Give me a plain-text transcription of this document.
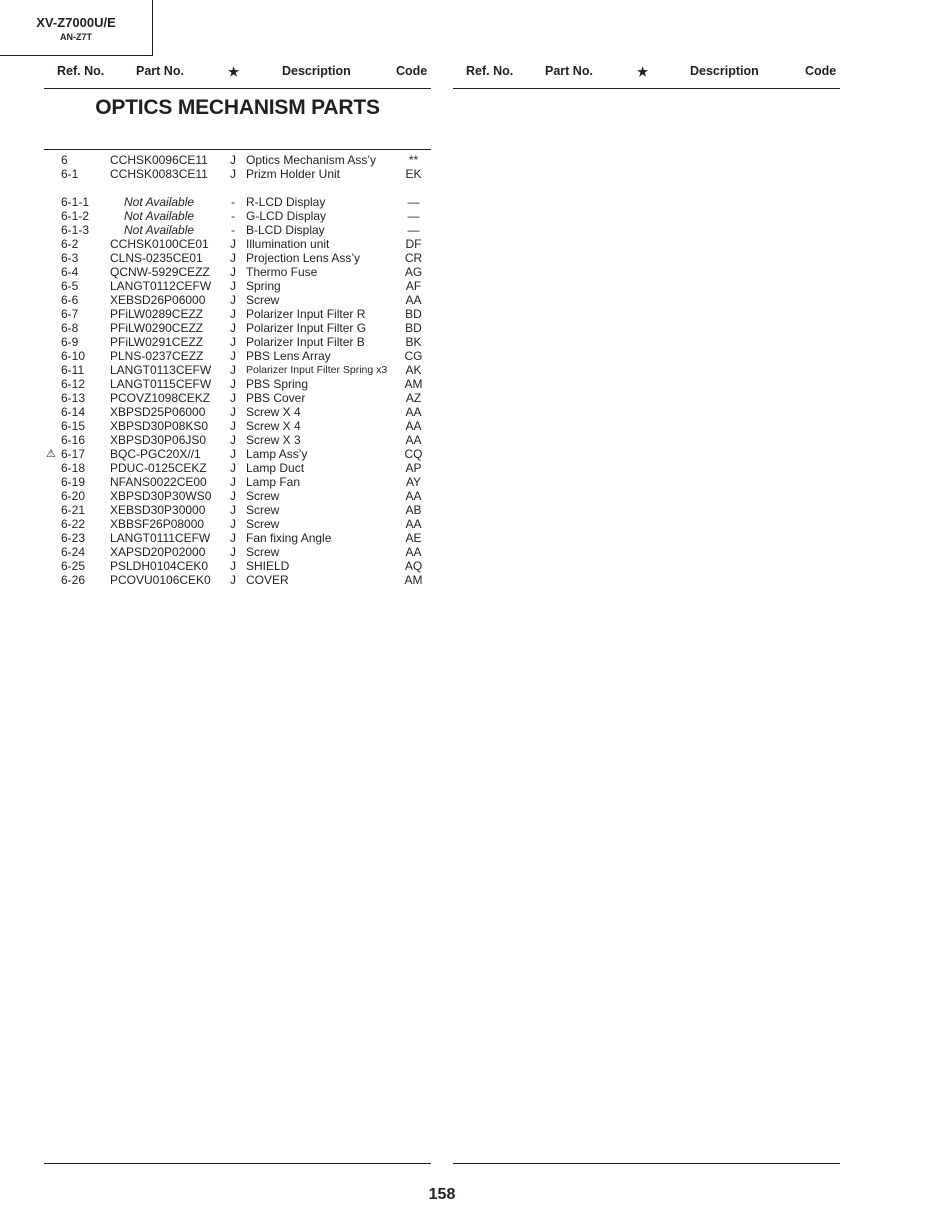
XV-Z7000U/E
AN-Z7T
Ref. No.	Part No.	★	Description	Code	Ref. No.	Part No.	★	Description	Code
OPTICS MECHANISM PARTS
6	CCHSK0096CE11 J Optics Mechanism Ass’y	**
6-1	CCHSK0083CE11 J Prizm Holder Unit	EK
6-1-1	Not Available	- R-LCD Display	—
6-1-2	Not Available	- G-LCD Display	—
6-1-3	Not Available	- B-LCD Display	—
6-2	CCHSK0100CE01 J Illumination unit	DF
6-3	CLNS-0235CE01 J Projection Lens Ass’y	CR
6-4	QCNW-5929CEZZ J Thermo Fuse	AG
6-5	LANGT0112CEFW J Spring	AF
6-6	XEBSD26P06000 J Screw	AA
6-7	PFiLW0289CEZZ J Polarizer Input Filter R	BD
6-8	PFiLW0290CEZZ J Polarizer Input Filter G	BD
6-9	PFiLW0291CEZZ J Polarizer Input Filter B	BK
6-10 PLNS-0237CEZZ J PBS Lens Array	CG
6-11 LANGT0113CEFW J Polarizer Input Filter Spring x3	AK
6-12 LANGT0115CEFW J PBS Spring	AM
6-13 PCOVZ1098CEKZ J PBS Cover	AZ
6-14 XBPSD25P06000 J Screw X 4	AA
6-15 XBPSD30P08KS0 J Screw X 4	AA
6-16 XBPSD30P06JS0 J Screw X 3	AA
⚠ 6-17 BQC-PGC20X//1 J Lamp Ass’y	CQ
6-18 PDUC-0125CEKZ J Lamp Duct	AP
6-19 NFANS0022CE00 J Lamp Fan	AY
6-20 XBPSD30P30WS0 J Screw	AA
6-21 XEBSD30P30000 J Screw	AB
6-22 XBBSF26P08000 J Screw	AA
6-23 LANGT0111CEFW J Fan fixing Angle	AE
6-24 XAPSD20P02000 J Screw	AA
6-25 PSLDH0104CEK0 J SHIELD	AQ
6-26 PCOVU0106CEK0 J COVER	AM
158
